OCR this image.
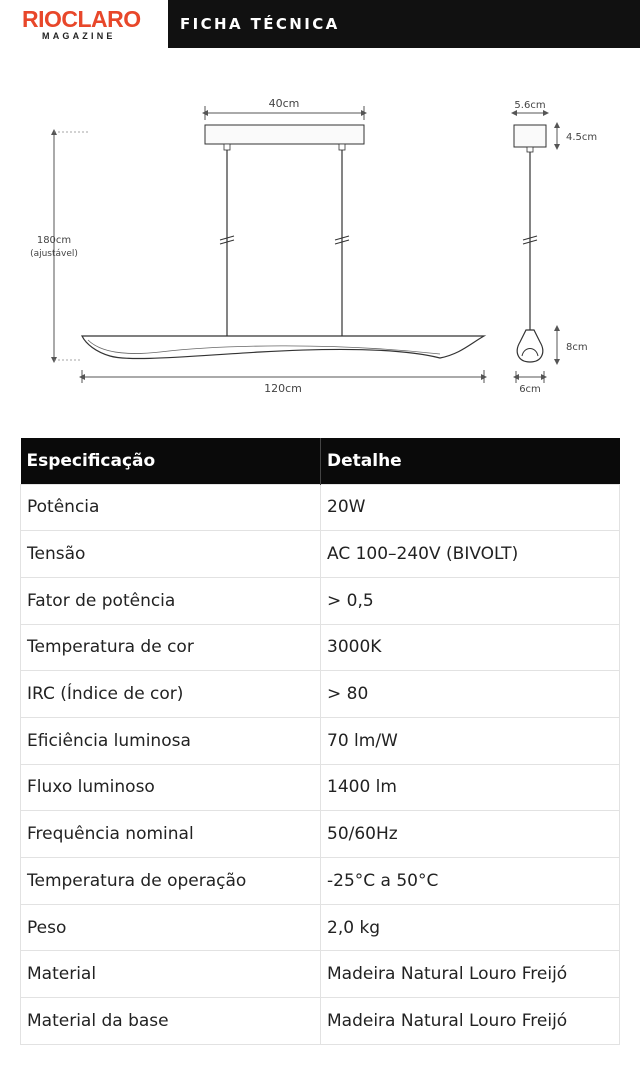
RIOCLARO
MAGAZINE
FICHA TÉCNICA
40cm
180cm
(ajustável)
120cm
5.6cm
4.5cm
8cm
6cm
Especificação	Detalhe
Potência	20W
Tensão	AC 100–240V (BIVOLT)
Fator de potência	> 0,5
Temperatura de cor	3000K
IRC (Índice de cor)	> 80
Eficiência luminosa	70 lm/W
Fluxo luminoso	1400 lm
Frequência nominal	50/60Hz
Temperatura de operação	-25°C a 50°C
Peso	2,0 kg
Material	Madeira Natural Louro Freijó
Material da base	Madeira Natural Louro Freijó
